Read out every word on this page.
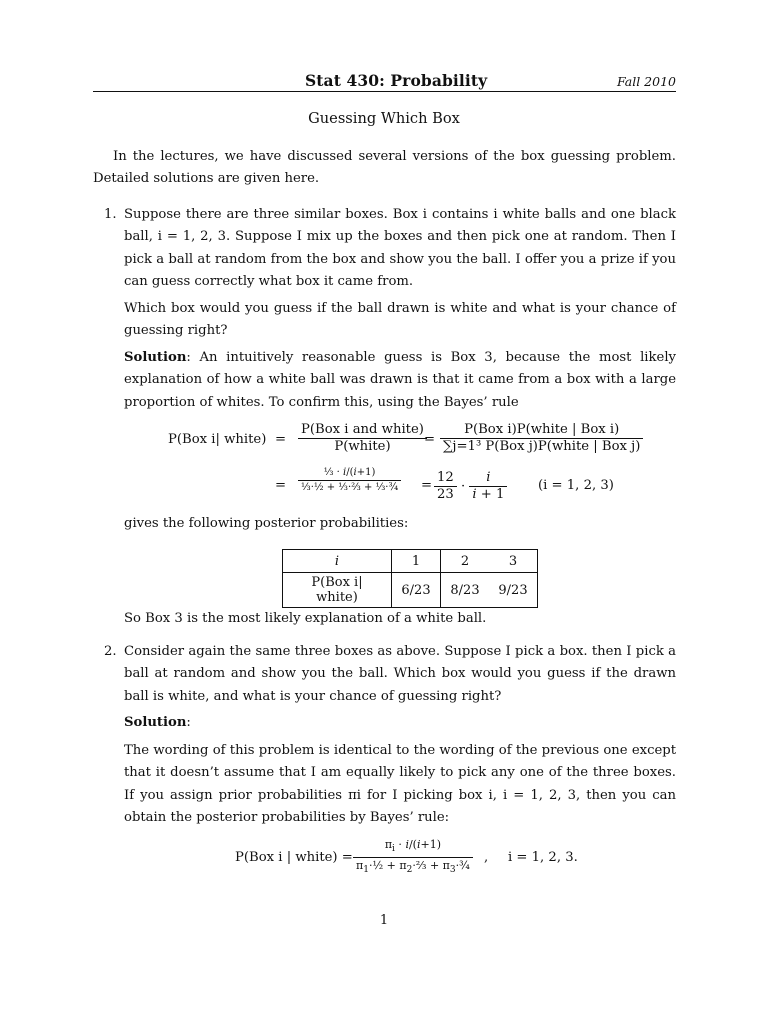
Stat 430: Probability	Fall 2010
Guessing Which Box
In the lectures, we have discussed several versions of the box guessing problem. Detailed solutions are given here.
1. Suppose there are three similar boxes. Box i contains i white balls and one black ball, i = 1, 2, 3. Suppose I mix up the boxes and then pick one at random. Then I pick a ball at random from the box and show you the ball. I offer you a prize if you can guess correctly what box it came from.
Which box would you guess if the ball drawn is white and what is your chance of guessing right?
Solution: An intuitively reasonable guess is Box 3, because the most likely explanation of how a white ball was drawn is that it came from a box with a large proportion of whites. To confirm this, using the Bayes’ rule
P(Box i| white) = $\frac{\text{P(Box i and white)}}{\text{P(white)}}$
= $\frac{\text{P(Box i)P(white | Box i)}}{\text{∑j=1³ P(Box j)P(white | Box j)}}$
= $\frac{\text{⅓ · i/(i+1)}}{\text{⅓·½ + ⅓·⅔ + ⅓·¾}} = \frac{12}{23} \cdot \frac{i}{i + 1} (i = 1$, 2, 3)
gives the following posterior probabilities:
i	1	2	3
P(Box i| white)	6/23	8/23	9/23
So Box 3 is the most likely explanation of a white ball.
2. Consider again the same three boxes as above. Suppose I pick a box. then I pick a ball at random and show you the ball. Which box would you guess if the drawn ball is white, and what is your chance of guessing right?
Solution:
The wording of this problem is identical to the wording of the previous one except that it doesn’t assume that I am equally likely to pick any one of the three boxes. If you assign prior probabilities πi for I picking box i, i = 1, 2, 3, then you can obtain the posterior probabilities by Bayes’ rule:
P(Box i | white) = $\frac{\pi_i \cdot i/(i+1)}{\pi_1\cdot\frac{1}{2} + \pi_2\cdot\frac{2}{3} + \pi_3\cdot\frac{3}{4}}$ , i = 1, 2, 3.
1
